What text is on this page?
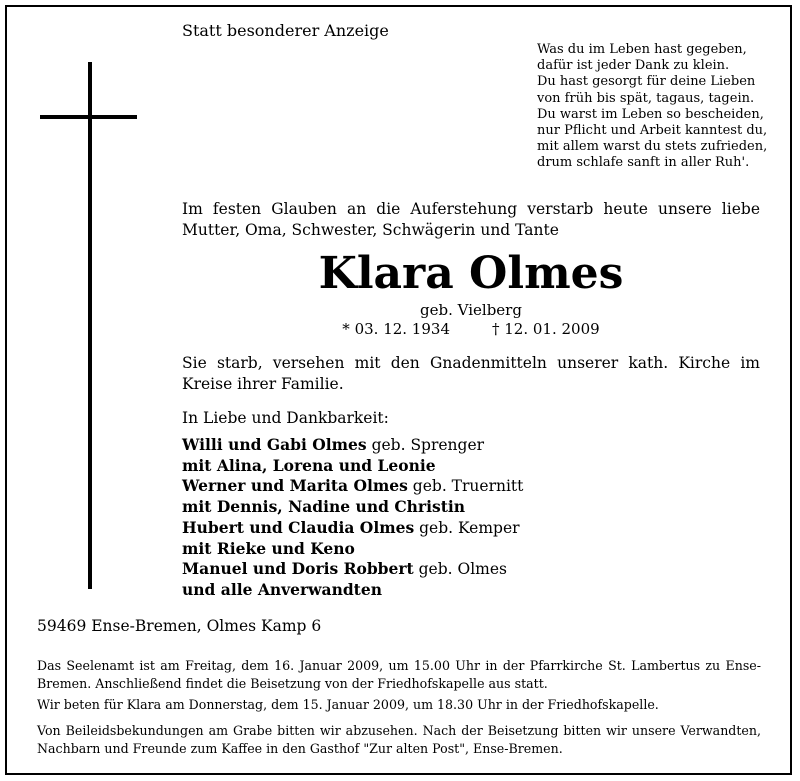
Statt besonderer Anzeige
Was du im Leben hast gegeben,
dafür ist jeder Dank zu klein.
Du hast gesorgt für deine Lieben
von früh bis spät, tagaus, tagein.
Du warst im Leben so bescheiden,
nur Pflicht und Arbeit kanntest du,
mit allem warst du stets zufrieden,
drum schlafe sanft in aller Ruh'.
Im festen Glauben an die Auferstehung verstarb heute unsere liebe Mutter, Oma, Schwester, Schwägerin und Tante
Klara Olmes
geb. Vielberg
* 03. 12. 1934	† 12. 01. 2009
Sie starb, versehen mit den Gnadenmitteln unserer kath. Kirche im Kreise ihrer Familie.
In Liebe und Dankbarkeit:
Willi und Gabi Olmes geb. Sprenger
mit Alina, Lorena und Leonie
Werner und Marita Olmes geb. Truernitt
mit Dennis, Nadine und Christin
Hubert und Claudia Olmes geb. Kemper
mit Rieke und Keno
Manuel und Doris Robbert geb. Olmes
und alle Anverwandten
59469 Ense-Bremen, Olmes Kamp 6
Das Seelenamt ist am Freitag, dem 16. Januar 2009, um 15.00 Uhr in der Pfarrkirche St. Lambertus zu Ense-Bremen. Anschließend findet die Beisetzung von der Friedhofskapelle aus statt.
Wir beten für Klara am Donnerstag, dem 15. Januar 2009, um 18.30 Uhr in der Friedhofskapelle.
Von Beileidsbekundungen am Grabe bitten wir abzusehen. Nach der Beisetzung bitten wir unsere Verwandten, Nachbarn und Freunde zum Kaffee in den Gasthof "Zur alten Post", Ense-Bremen.
